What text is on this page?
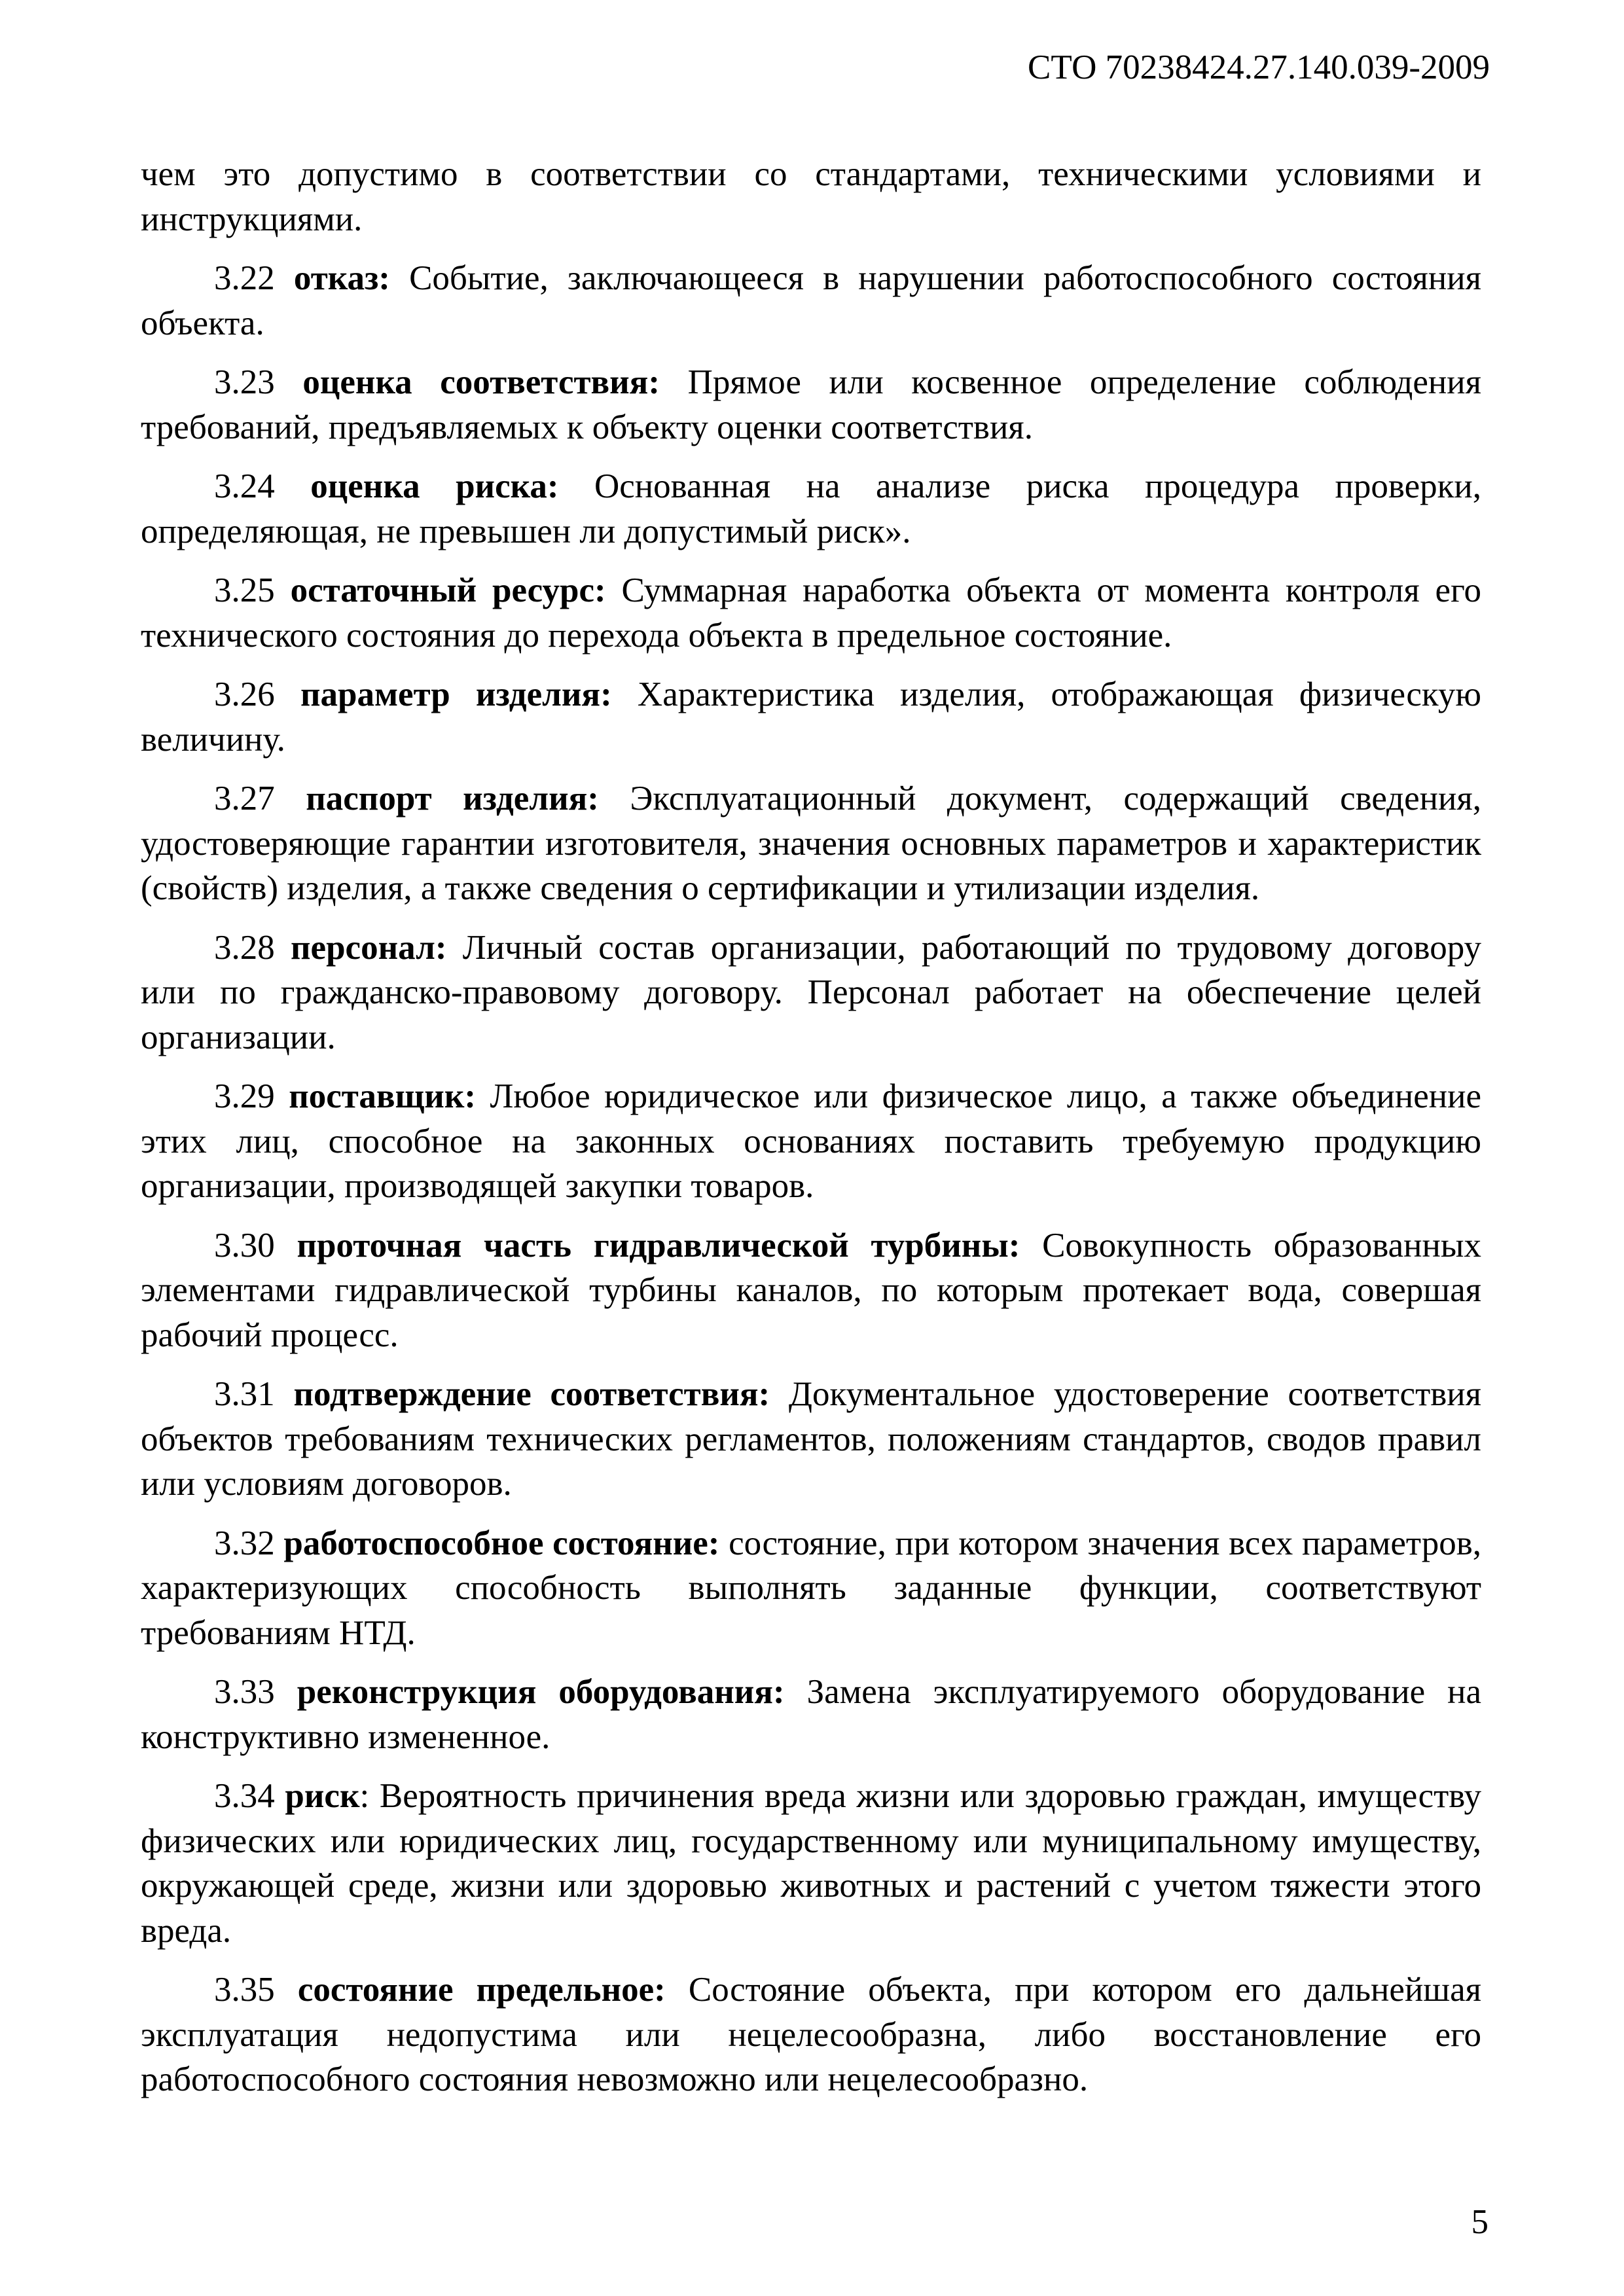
СТО 70238424.27.140.039-2009

чем это допустимо в соответствии со стандартами, техническими условиями и инструкциями.

3.22 отказ: Событие, заключающееся в нарушении работоспособного состояния объекта.

3.23 оценка соответствия: Прямое или косвенное определение соблюдения требований, предъявляемых к объекту оценки соответствия.

3.24 оценка риска: Основанная на анализе риска процедура проверки, определяющая, не превышен ли допустимый риск».

3.25 остаточный ресурс: Суммарная наработка объекта от момента контроля его технического состояния до перехода объекта в предельное состояние.

3.26 параметр изделия: Характеристика изделия, отображающая физическую величину.

3.27 паспорт изделия: Эксплуатационный документ, содержащий сведения, удостоверяющие гарантии изготовителя, значения основных параметров и характеристик (свойств) изделия, а также сведения о сертификации и утилизации изделия.

3.28 персонал: Личный состав организации, работающий по трудовому договору или по гражданско-правовому договору. Персонал работает на обеспечение целей организации.

3.29 поставщик: Любое юридическое или физическое лицо, а также объединение этих лиц, способное на законных основаниях поставить требуемую продукцию организации, производящей закупки товаров.

3.30 проточная часть гидравлической турбины: Совокупность образованных элементами гидравлической турбины каналов, по которым протекает вода, совершая рабочий процесс.

3.31 подтверждение соответствия: Документальное удостоверение соответствия объектов требованиям технических регламентов, положениям стандартов, сводов правил или условиям договоров.

3.32 работоспособное состояние: состояние, при котором значения всех параметров, характеризующих способность выполнять заданные функции, соответствуют требованиям НТД.

3.33 реконструкция оборудования: Замена эксплуатируемого оборудование на конструктивно измененное.

3.34 риск: Вероятность причинения вреда жизни или здоровью граждан, имуществу физических или юридических лиц, государственному или муниципальному имуществу, окружающей среде, жизни или здоровью животных и растений с учетом тяжести этого вреда.

3.35 состояние предельное: Состояние объекта, при котором его дальнейшая эксплуатация недопустима или нецелесообразна, либо восстановление его работоспособного состояния невозможно или нецелесообразно.

5
